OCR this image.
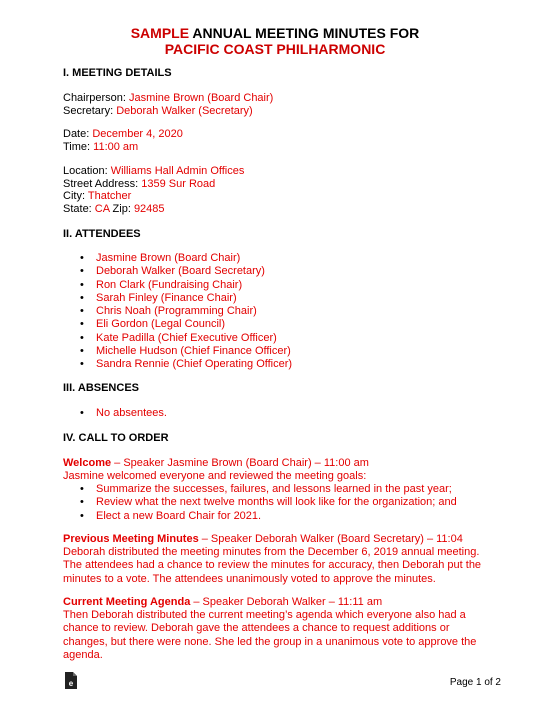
SAMPLE ANNUAL MEETING MINUTES FOR
PACIFIC COAST PHILHARMONIC
I. MEETING DETAILS
Chairperson: Jasmine Brown (Board Chair)
Secretary: Deborah Walker (Secretary)
Date: December 4, 2020
Time: 11:00 am
Location: Williams Hall Admin Offices
Street Address: 1359 Sur Road
City: Thatcher
State: CA Zip: 92485
II. ATTENDEES
• Jasmine Brown (Board Chair)
• Deborah Walker (Board Secretary)
• Ron Clark (Fundraising Chair)
• Sarah Finley (Finance Chair)
• Chris Noah (Programming Chair)
• Eli Gordon (Legal Council)
• Kate Padilla (Chief Executive Officer)
• Michelle Hudson (Chief Finance Officer)
• Sandra Rennie (Chief Operating Officer)
III. ABSENCES
• No absentees.
IV. CALL TO ORDER
Welcome – Speaker Jasmine Brown (Board Chair) – 11:00 am
Jasmine welcomed everyone and reviewed the meeting goals:
• Summarize the successes, failures, and lessons learned in the past year;
• Review what the next twelve months will look like for the organization; and
• Elect a new Board Chair for 2021.
Previous Meeting Minutes – Speaker Deborah Walker (Board Secretary) – 11:04
Deborah distributed the meeting minutes from the December 6, 2019 annual meeting. The attendees had a chance to review the minutes for accuracy, then Deborah put the minutes to a vote. The attendees unanimously voted to approve the minutes.
Current Meeting Agenda – Speaker Deborah Walker – 11:11 am
Then Deborah distributed the current meeting’s agenda which everyone also had a chance to review. Deborah gave the attendees a chance to request additions or changes, but there were none. She led the group in a unanimous vote to approve the agenda.
e	Page 1 of 2
